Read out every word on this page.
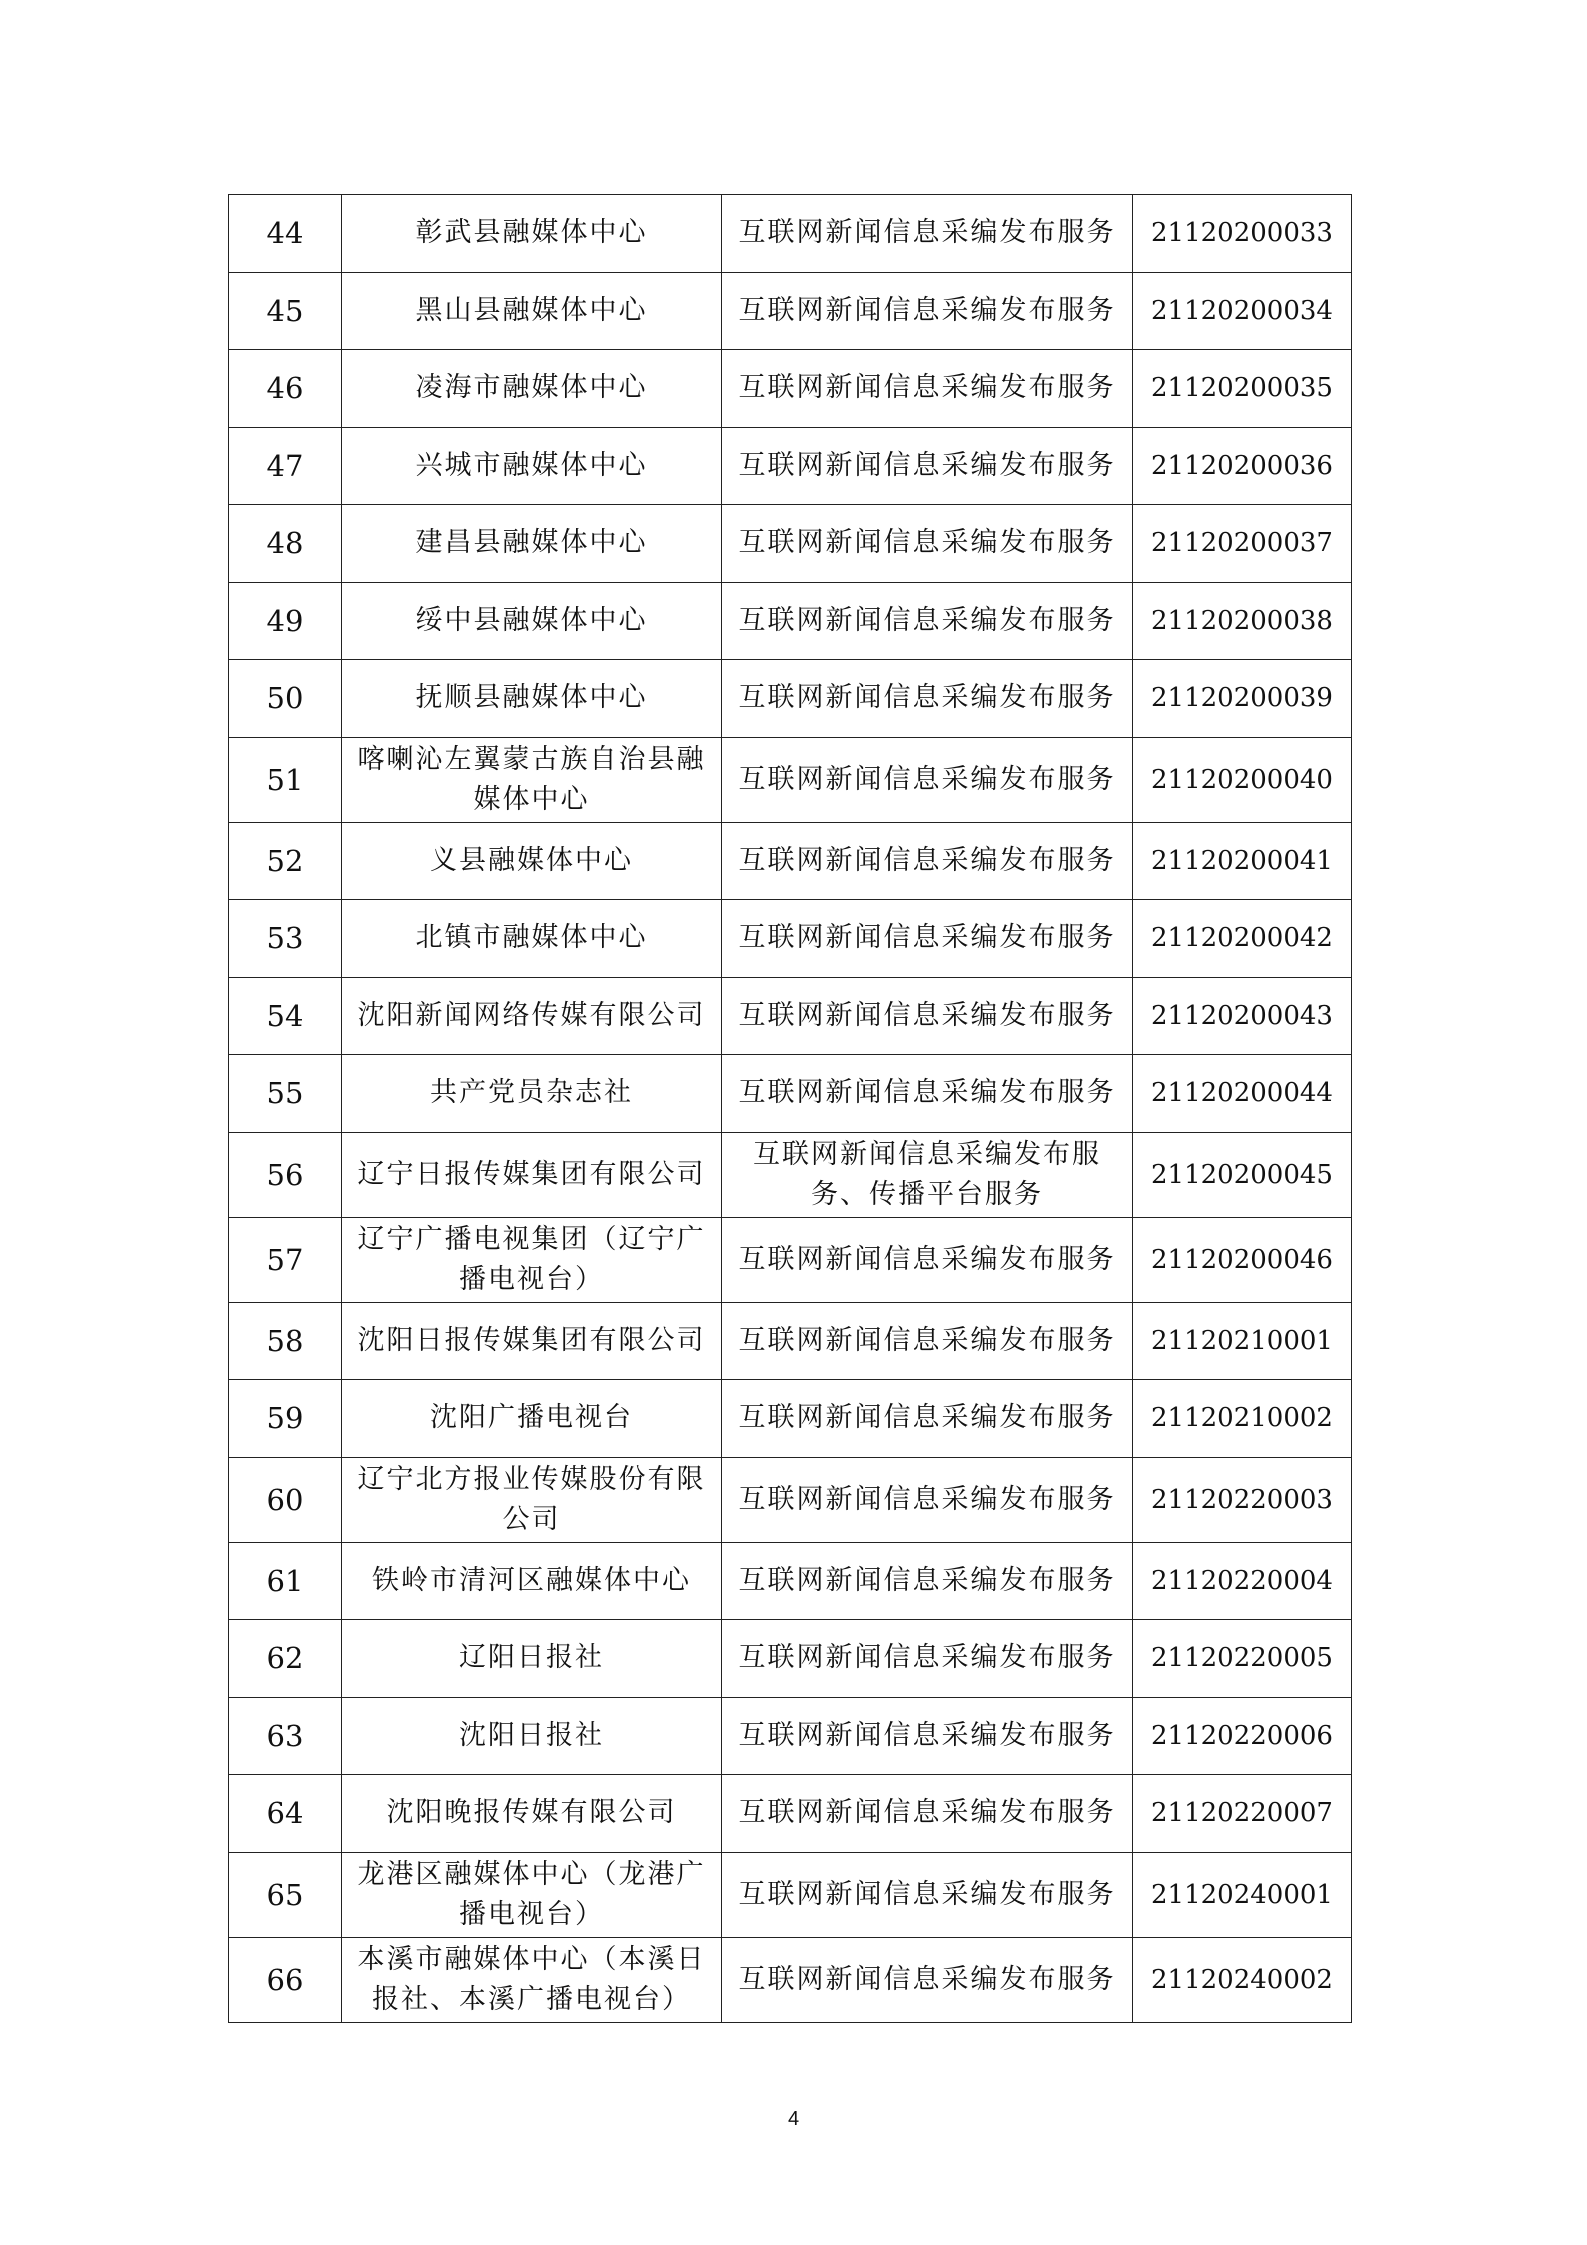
44	彰武县融媒体中心	互联网新闻信息采编发布服务	21120200033
45	黑山县融媒体中心	互联网新闻信息采编发布服务	21120200034
46	凌海市融媒体中心	互联网新闻信息采编发布服务	21120200035
47	兴城市融媒体中心	互联网新闻信息采编发布服务	21120200036
48	建昌县融媒体中心	互联网新闻信息采编发布服务	21120200037
49	绥中县融媒体中心	互联网新闻信息采编发布服务	21120200038
50	抚顺县融媒体中心	互联网新闻信息采编发布服务	21120200039
51	喀喇沁左翼蒙古族自治县融媒体中心	互联网新闻信息采编发布服务	21120200040
52	义县融媒体中心	互联网新闻信息采编发布服务	21120200041
53	北镇市融媒体中心	互联网新闻信息采编发布服务	21120200042
54	沈阳新闻网络传媒有限公司	互联网新闻信息采编发布服务	21120200043
55	共产党员杂志社	互联网新闻信息采编发布服务	21120200044
56	辽宁日报传媒集团有限公司	互联网新闻信息采编发布服务、传播平台服务	21120200045
57	辽宁广播电视集团（辽宁广播电视台）	互联网新闻信息采编发布服务	21120200046
58	沈阳日报传媒集团有限公司	互联网新闻信息采编发布服务	21120210001
59	沈阳广播电视台	互联网新闻信息采编发布服务	21120210002
60	辽宁北方报业传媒股份有限公司	互联网新闻信息采编发布服务	21120220003
61	铁岭市清河区融媒体中心	互联网新闻信息采编发布服务	21120220004
62	辽阳日报社	互联网新闻信息采编发布服务	21120220005
63	沈阳日报社	互联网新闻信息采编发布服务	21120220006
64	沈阳晚报传媒有限公司	互联网新闻信息采编发布服务	21120220007
65	龙港区融媒体中心（龙港广播电视台）	互联网新闻信息采编发布服务	21120240001
66	本溪市融媒体中心（本溪日报社、本溪广播电视台）	互联网新闻信息采编发布服务	21120240002
4
